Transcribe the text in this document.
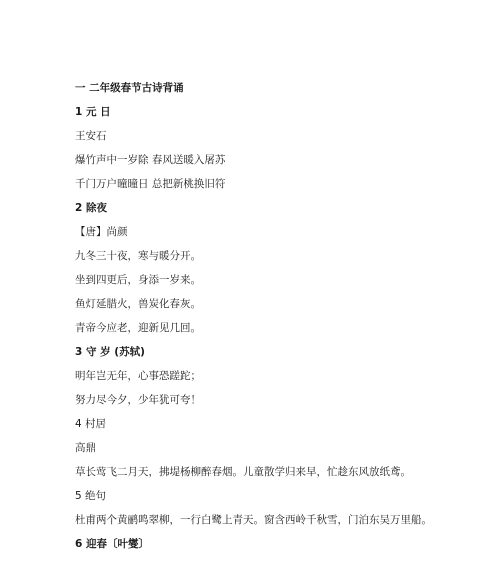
一 二年级春节古诗背诵
1 元 日
王安石
爆竹声中一岁除 春风送暖入屠苏
千门万户曈曈日 总把新桃换旧符
2 除夜
【唐】尚颜
九冬三十夜，寒与暖分开。
坐到四更后，身添一岁来。
鱼灯延腊火，兽炭化春灰。
青帝今应老，迎新见几回。
3 守 岁 (苏轼)
明年岂无年，心事恐蹉跎；
努力尽今夕，少年犹可夸！
4 村居
高鼎
草长莺飞二月天，拂堤杨柳醉春烟。儿童散学归来早，忙趁东风放纸鸢。
5 绝句
杜甫两个黄鹂鸣翠柳，一行白鹭上青天。窗含西岭千秋雪，门泊东吴万里船。
6 迎春〔叶燮〕
